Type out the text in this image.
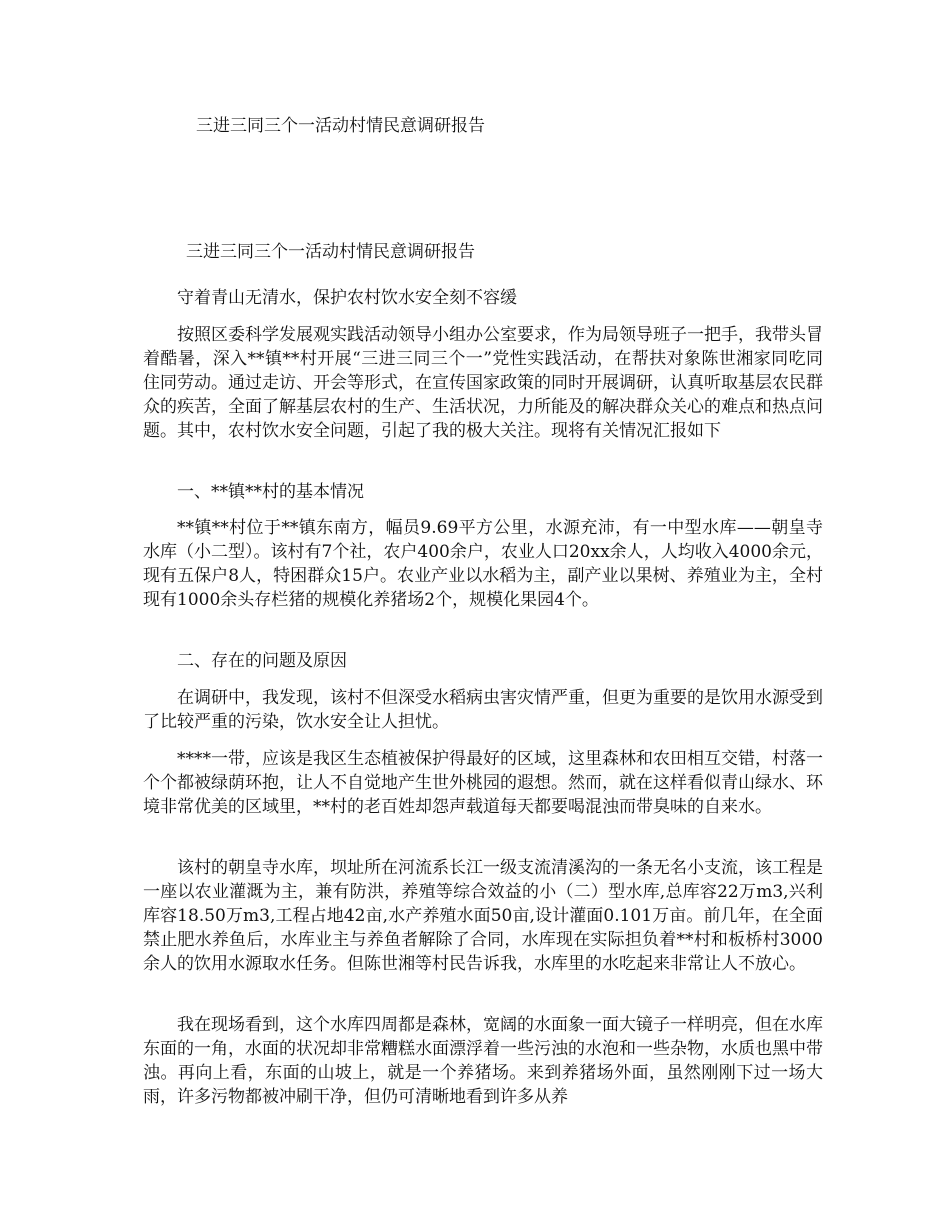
三进三同三个一活动村情民意调研报告
三进三同三个一活动村情民意调研报告

守着青山无清水，保护农村饮水安全刻不容缓

按照区委科学发展观实践活动领导小组办公室要求，作为局领导班子一把手，我带头冒着酷暑，深入**镇**村开展“三进三同三个一”党性实践活动，在帮扶对象陈世湘家同吃同住同劳动。通过走访、开会等形式，在宣传国家政策的同时开展调研，认真听取基层农民群众的疾苦，全面了解基层农村的生产、生活状况，力所能及的解决群众关心的难点和热点问题。其中，农村饮水安全问题，引起了我的极大关注。现将有关情况汇报如下

一、**镇**村的基本情况

**镇**村位于**镇东南方，幅员9.69平方公里，水源充沛，有一中型水库——朝皇寺水库（小二型）。该村有7个社，农户400余户，农业人口20xx余人，人均收入4000余元，现有五保户8人，特困群众15户。农业产业以水稻为主，副产业以果树、养殖业为主，全村现有1000余头存栏猪的规模化养猪场2个，规模化果园4个。

二、存在的问题及原因

在调研中，我发现，该村不但深受水稻病虫害灾情严重，但更为重要的是饮用水源受到了比较严重的污染，饮水安全让人担忧。

****一带，应该是我区生态植被保护得最好的区域，这里森林和农田相互交错，村落一个个都被绿荫环抱，让人不自觉地产生世外桃园的遐想。然而，就在这样看似青山绿水、环境非常优美的区域里，**村的老百姓却怨声载道每天都要喝混浊而带臭味的自来水。

该村的朝皇寺水库，坝址所在河流系长江一级支流清溪沟的一条无名小支流，该工程是一座以农业灌溉为主，兼有防洪，养殖等综合效益的小（二）型水库,总库容22万m3,兴利库容18.50万m3,工程占地42亩,水产养殖水面50亩,设计灌面0.101万亩。前几年，在全面禁止肥水养鱼后，水库业主与养鱼者解除了合同，水库现在实际担负着**村和板桥村3000余人的饮用水源取水任务。但陈世湘等村民告诉我，水库里的水吃起来非常让人不放心。

我在现场看到，这个水库四周都是森林，宽阔的水面象一面大镜子一样明亮，但在水库东面的一角，水面的状况却非常糟糕水面漂浮着一些污浊的水泡和一些杂物，水质也黑中带浊。再向上看，东面的山坡上，就是一个养猪场。来到养猪场外面，虽然刚刚下过一场大雨，许多污物都被冲刷干净，但仍可清晰地看到许多从养
